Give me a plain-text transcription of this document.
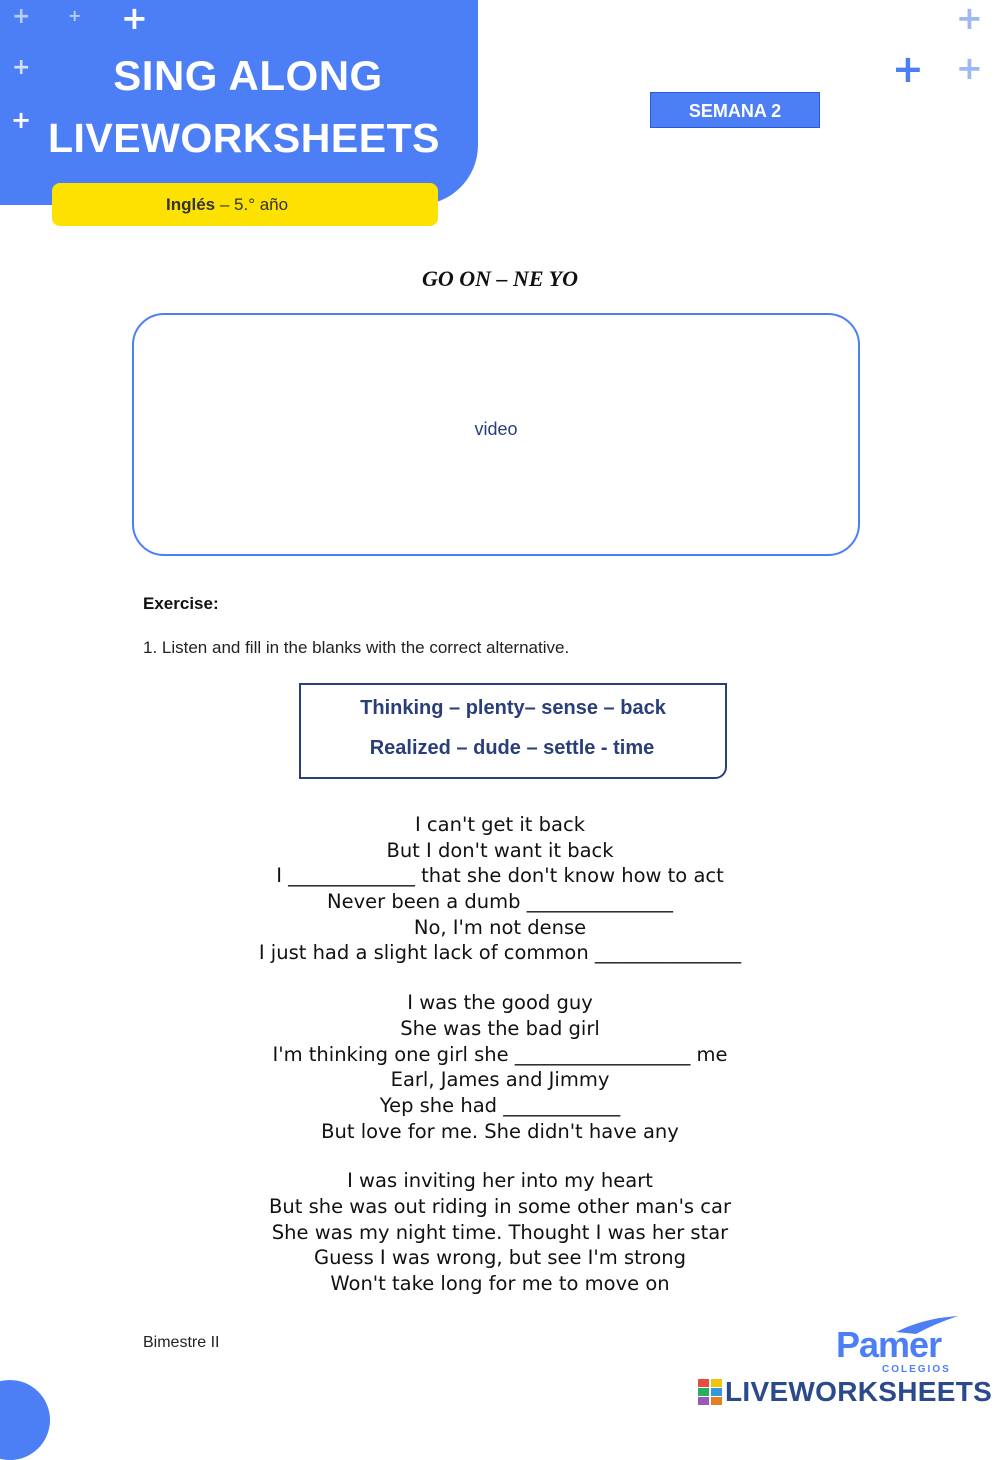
+ + +
+
+
SING ALONG
LIVEWORKSHEETS
Inglés – 5.° año
+
+ +
SEMANA 2
GO ON – NE YO
video
Exercise:
1. Listen and fill in the blanks with the correct alternative.
Thinking – plenty– sense – back
Realized – dude – settle - time
I can't get it back
But I don't want it back
I _____________ that she don't know how to act
Never been a dumb _______________
No, I'm not dense
I just had a slight lack of common _______________
I was the good guy
She was the bad girl
I'm thinking one girl she __________________ me
Earl, James and Jimmy
Yep she had ____________
But love for me. She didn't have any
I was inviting her into my heart
But she was out riding in some other man's car
She was my night time. Thought I was her star
Guess I was wrong, but see I'm strong
Won't take long for me to move on
Bimestre II	Pamer
COLEGIOS
LIVEWORKSHEETS
